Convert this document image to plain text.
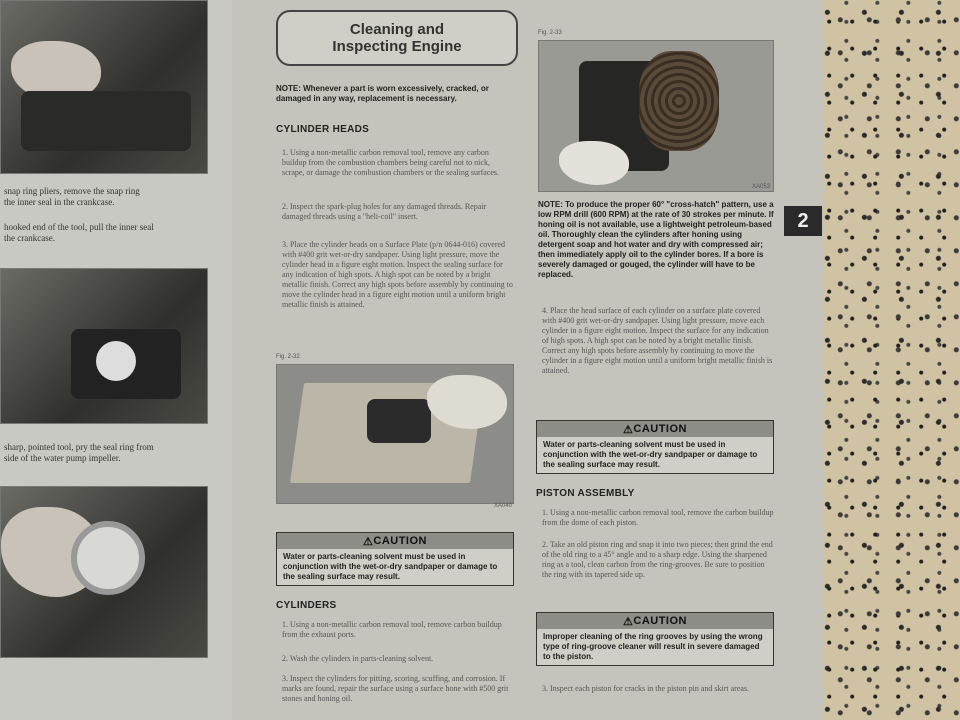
snap ring pliers, remove the snap ring
the inner seal in the crankcase.
hooked end of the tool, pull the inner seal
the crankcase.
sharp, pointed tool, pry the seal ring from
side of the water pump impeller.
Cleaning and
Inspecting Engine
NOTE: Whenever a part is worn excessively, cracked, or damaged in any way, replacement is necessary.
CYLINDER HEADS
1. Using a non-metallic carbon removal tool, remove any carbon buildup from the combustion chambers being careful not to nick, scrape, or damage the combustion chambers or the sealing surfaces.
2. Inspect the spark-plug holes for any damaged threads. Repair damaged threads using a "heli-coil" insert.
3. Place the cylinder heads on a Surface Plate (p/n 0644-016) covered with #400 grit wet-or-dry sandpaper. Using light pressure, move the cylinder head in a figure eight motion. Inspect the sealing surface for any indication of high spots. A high spot can be noted by a bright metallic finish. Correct any high spots before assembly by continuing to move the cylinder head in a figure eight motion until a uniform bright metallic finish is attained.
Fig. 2-32
XA040
⚠ CAUTION
Water or parts-cleaning solvent must be used in conjunction with the wet-or-dry sandpaper or damage to the sealing surface may result.
CYLINDERS
1. Using a non-metallic carbon removal tool, remove carbon buildup from the exhaust ports.
2. Wash the cylinders in parts-cleaning solvent.
3. Inspect the cylinders for pitting, scoring, scuffing, and corrosion. If marks are found, repair the surface using a surface hone with #500 grit stones and honing oil.
Fig. 2-33
XA053
NOTE: To produce the proper 60° "cross-hatch" pattern, use a low RPM drill (600 RPM) at the rate of 30 strokes per minute. If honing oil is not available, use a lightweight petroleum-based oil. Thoroughly clean the cylinders after honing using detergent soap and hot water and dry with compressed air; then immediately apply oil to the cylinder bores. If a bore is severely damaged or gouged, the cylinder will have to be replaced.
2
4. Place the head surface of each cylinder on a surface plate covered with #400 grit wet-or-dry sandpaper. Using light pressure, move each cylinder in a figure eight motion. Inspect the surface for any indication of high spots. A high spot can be noted by a bright metallic finish. Correct any high spots before assembly by continuing to move the cylinder in a figure eight motion until a uniform bright metallic finish is attained.
⚠ CAUTION
Water or parts-cleaning solvent must be used in conjunction with the wet-or-dry sandpaper or damage to the sealing surface may result.
PISTON ASSEMBLY
1. Using a non-metallic carbon removal tool, remove the carbon buildup from the dome of each piston.
2. Take an old piston ring and snap it into two pieces; then grind the end of the old ring to a 45° angle and to a sharp edge. Using the sharpened ring as a tool, clean carbon from the ring-grooves. Be sure to position the ring with its tapered side up.
⚠ CAUTION
Improper cleaning of the ring grooves by using the wrong type of ring-groove cleaner will result in severe damaged to the piston.
3. Inspect each piston for cracks in the piston pin and skirt areas.
